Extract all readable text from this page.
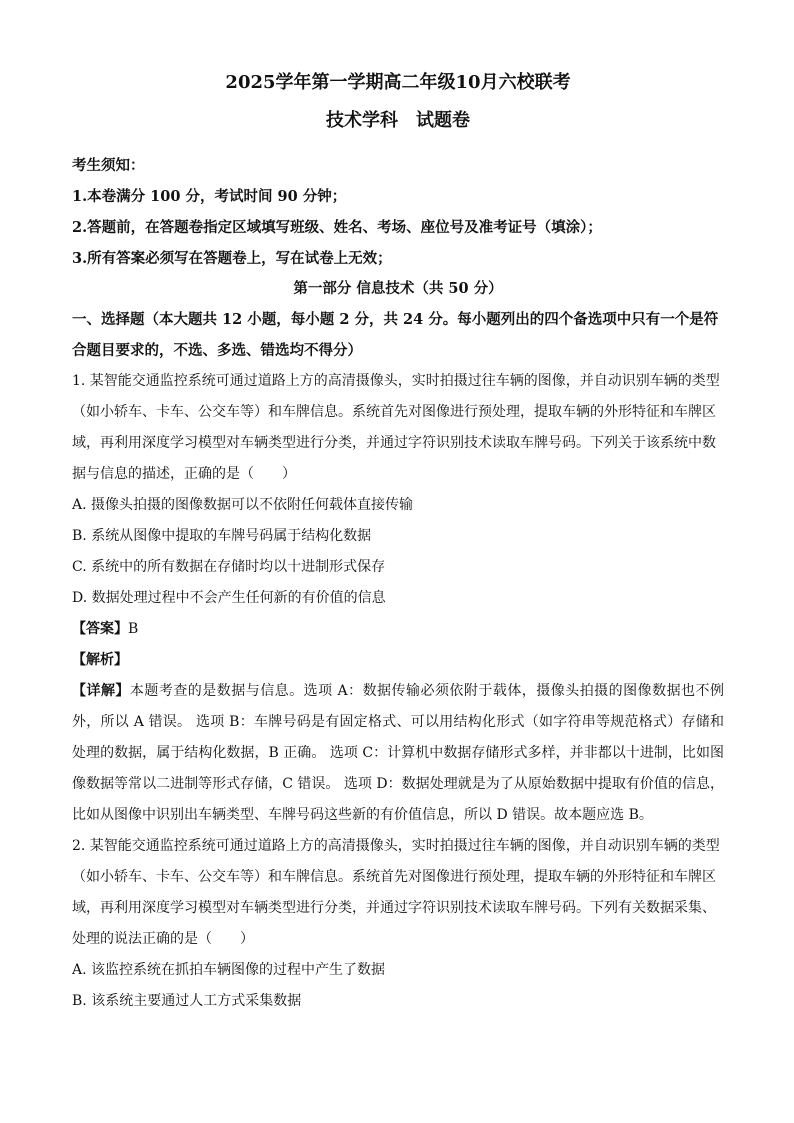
2025学年第一学期高二年级10月六校联考

技术学科　试题卷

考生须知：

1.本卷满分 100 分，考试时间 90 分钟；

2.答题前，在答题卷指定区域填写班级、姓名、考场、座位号及准考证号（填涂）；

3.所有答案必须写在答题卷上，写在试卷上无效；

第一部分 信息技术（共 50 分）

一、选择题（本大题共 12 小题，每小题 2 分，共 24 分。每小题列出的四个备选项中只有一个是符合题目要求的，不选、多选、错选均不得分）

1. 某智能交通监控系统可通过道路上方的高清摄像头，实时拍摄过往车辆的图像，并自动识别车辆的类型（如小轿车、卡车、公交车等）和车牌信息。系统首先对图像进行预处理，提取车辆的外形特征和车牌区域，再利用深度学习模型对车辆类型进行分类，并通过字符识别技术读取车牌号码。下列关于该系统中数据与信息的描述，正确的是（　　）

A. 摄像头拍摄的图像数据可以不依附任何载体直接传输

B. 系统从图像中提取的车牌号码属于结构化数据

C. 系统中的所有数据在存储时均以十进制形式保存

D. 数据处理过程中不会产生任何新的有价值的信息

【答案】B

【解析】

【详解】本题考查的是数据与信息。选项 A：数据传输必须依附于载体，摄像头拍摄的图像数据也不例外，所以 A 错误。 选项 B：车牌号码是有固定格式、可以用结构化形式（如字符串等规范格式）存储和处理的数据，属于结构化数据，B 正确。 选项 C：计算机中数据存储形式多样，并非都以十进制，比如图像数据等常以二进制等形式存储，C 错误。 选项 D：数据处理就是为了从原始数据中提取有价值的信息，比如从图像中识别出车辆类型、车牌号码这些新的有价值信息，所以 D 错误。故本题应选 B。

2. 某智能交通监控系统可通过道路上方的高清摄像头，实时拍摄过往车辆的图像，并自动识别车辆的类型（如小轿车、卡车、公交车等）和车牌信息。系统首先对图像进行预处理，提取车辆的外形特征和车牌区域，再利用深度学习模型对车辆类型进行分类，并通过字符识别技术读取车牌号码。下列有关数据采集、处理的说法正确的是（　　）

A. 该监控系统在抓拍车辆图像的过程中产生了数据

B. 该系统主要通过人工方式采集数据
